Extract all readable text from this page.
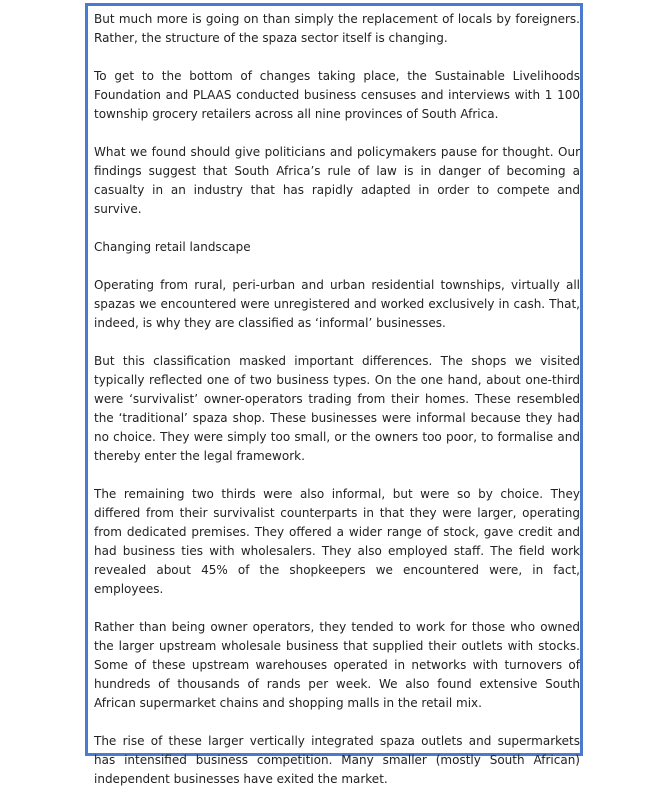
But much more is going on than simply the replacement of locals by foreigners. Rather, the structure of the spaza sector itself is changing.

To get to the bottom of changes taking place, the Sustainable Livelihoods Foundation and PLAAS conducted business censuses and interviews with 1 100 township grocery retailers across all nine provinces of South Africa.

What we found should give politicians and policymakers pause for thought. Our findings suggest that South Africa’s rule of law is in danger of becoming a casualty in an industry that has rapidly adapted in order to compete and survive.

Changing retail landscape

Operating from rural, peri-urban and urban residential townships, virtually all spazas we encountered were unregistered and worked exclusively in cash. That, indeed, is why they are classified as ‘informal’ businesses.

But this classification masked important differences. The shops we visited typically reflected one of two business types. On the one hand, about one-third were ‘survivalist’ owner-operators trading from their homes. These resembled the ‘traditional’ spaza shop. These businesses were informal because they had no choice. They were simply too small, or the owners too poor, to formalise and thereby enter the legal framework.

The remaining two thirds were also informal, but were so by choice. They differed from their survivalist counterparts in that they were larger, operating from dedicated premises. They offered a wider range of stock, gave credit and had business ties with wholesalers. They also employed staff. The field work revealed about 45% of the shopkeepers we encountered were, in fact, employees.

Rather than being owner operators, they tended to work for those who owned the larger upstream wholesale business that supplied their outlets with stocks. Some of these upstream warehouses operated in networks with turnovers of hundreds of thousands of rands per week. We also found extensive South African supermarket chains and shopping malls in the retail mix.

The rise of these larger vertically integrated spaza outlets and supermarkets has intensified business competition. Many smaller (mostly South African) independent businesses have exited the market.
